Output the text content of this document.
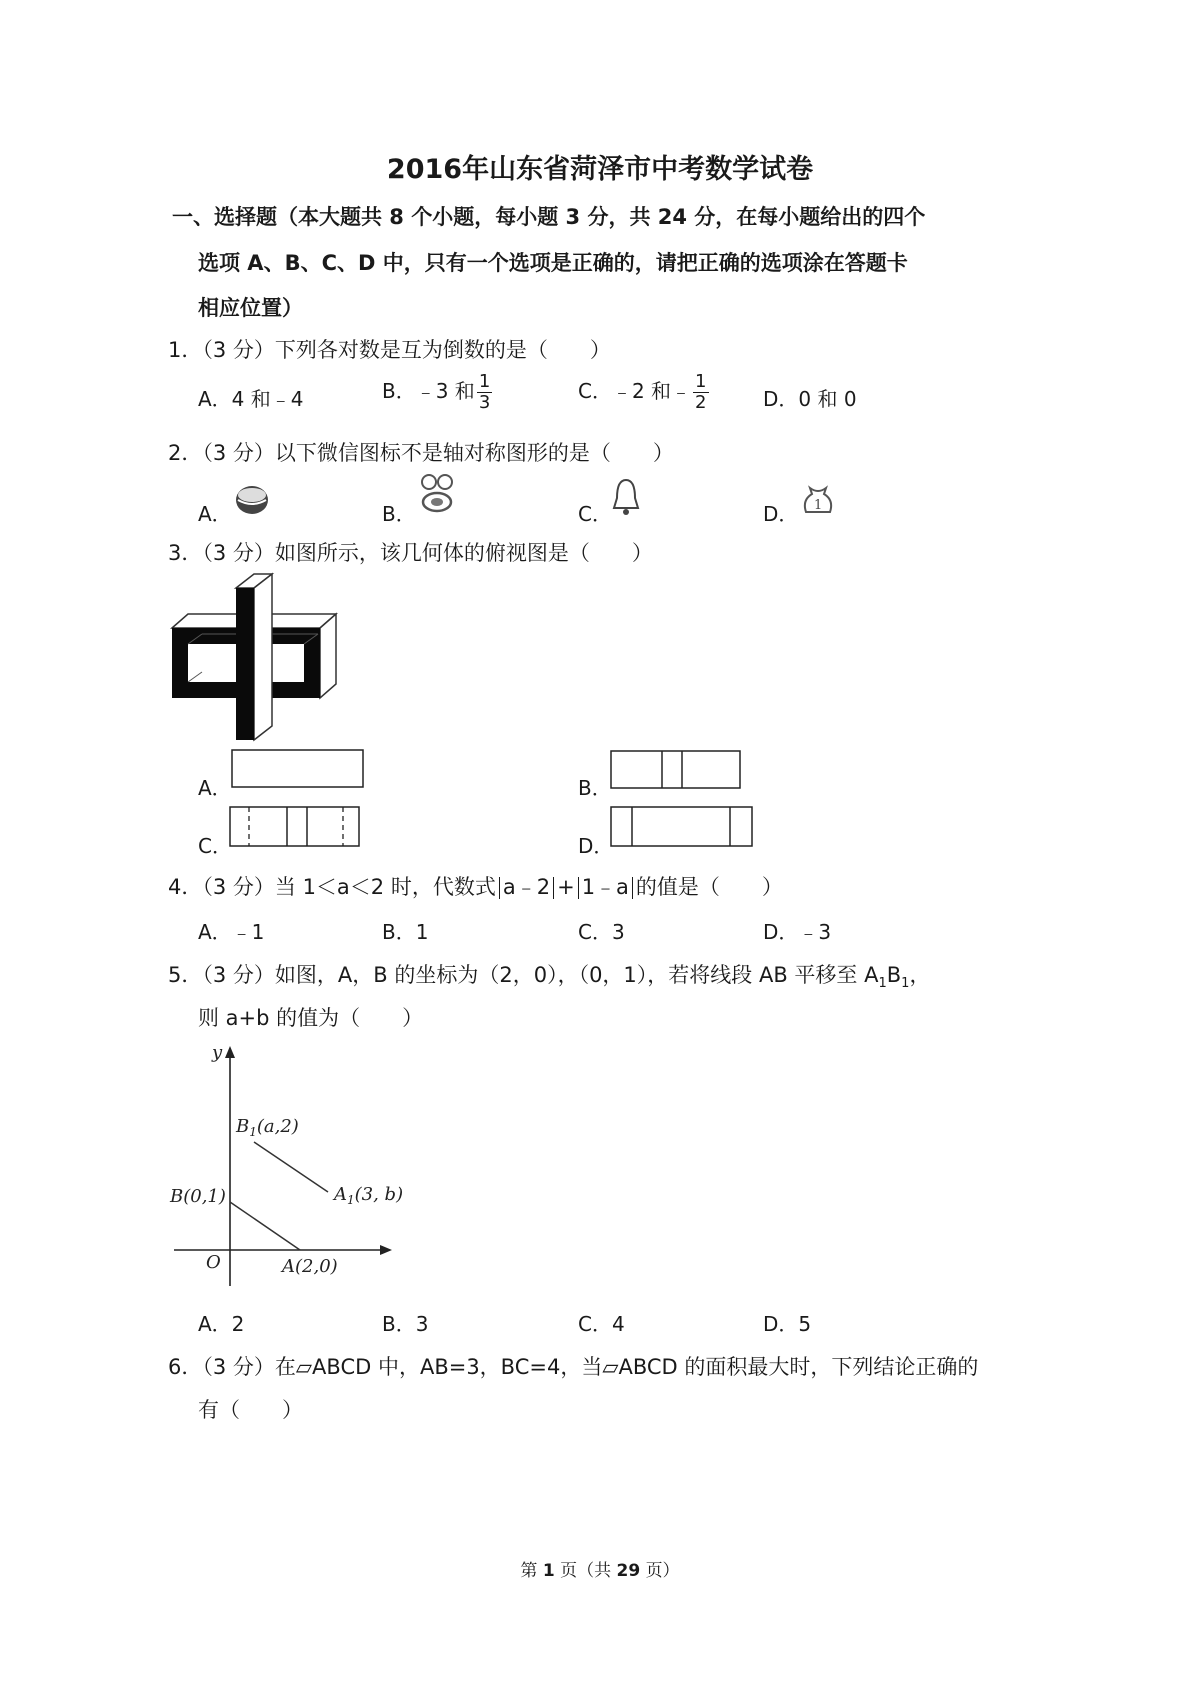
2016年山东省菏泽市中考数学试卷
一、选择题（本大题共 8 个小题，每小题 3 分，共 24 分，在每小题给出的四个
选项 A、B、C、D 中，只有一个选项是正确的，请把正确的选项涂在答题卡
相应位置）
1．（3 分）下列各对数是互为倒数的是（　　）
A．4 和﹣4	B．﹣3 和 $\frac{1}{3}$	C．﹣2 和﹣ $\frac{1}{2}$	D．0 和 0
2．（3 分）以下微信图标不是轴对称图形的是（　　）
A．	B．	C．	D． 1
3．（3 分）如图所示，该几何体的俯视图是（　　）
A．	B．
C．	D．
4．（3 分）当 1＜a＜2 时，代数式 a﹣2 + 1﹣a 的值是（　　）
A．﹣1	B．1	C．3	D．﹣3
5．（3 分）如图，A，B 的坐标为（2，0），（0，1），若将线段 AB 平移至 $A_1B_1$，
则 a+b 的值为（　　）
y
O
$B_1(a,2)$
$A_1(3$, b)
B(0,1)
A(2,0)
A．2	B．3	C．4	D．5
6．（3 分）在▱ABCD 中，AB=3，BC=4，当▱ABCD 的面积最大时，下列结论正确的
有（　　）
第 1 页（共 29 页）
